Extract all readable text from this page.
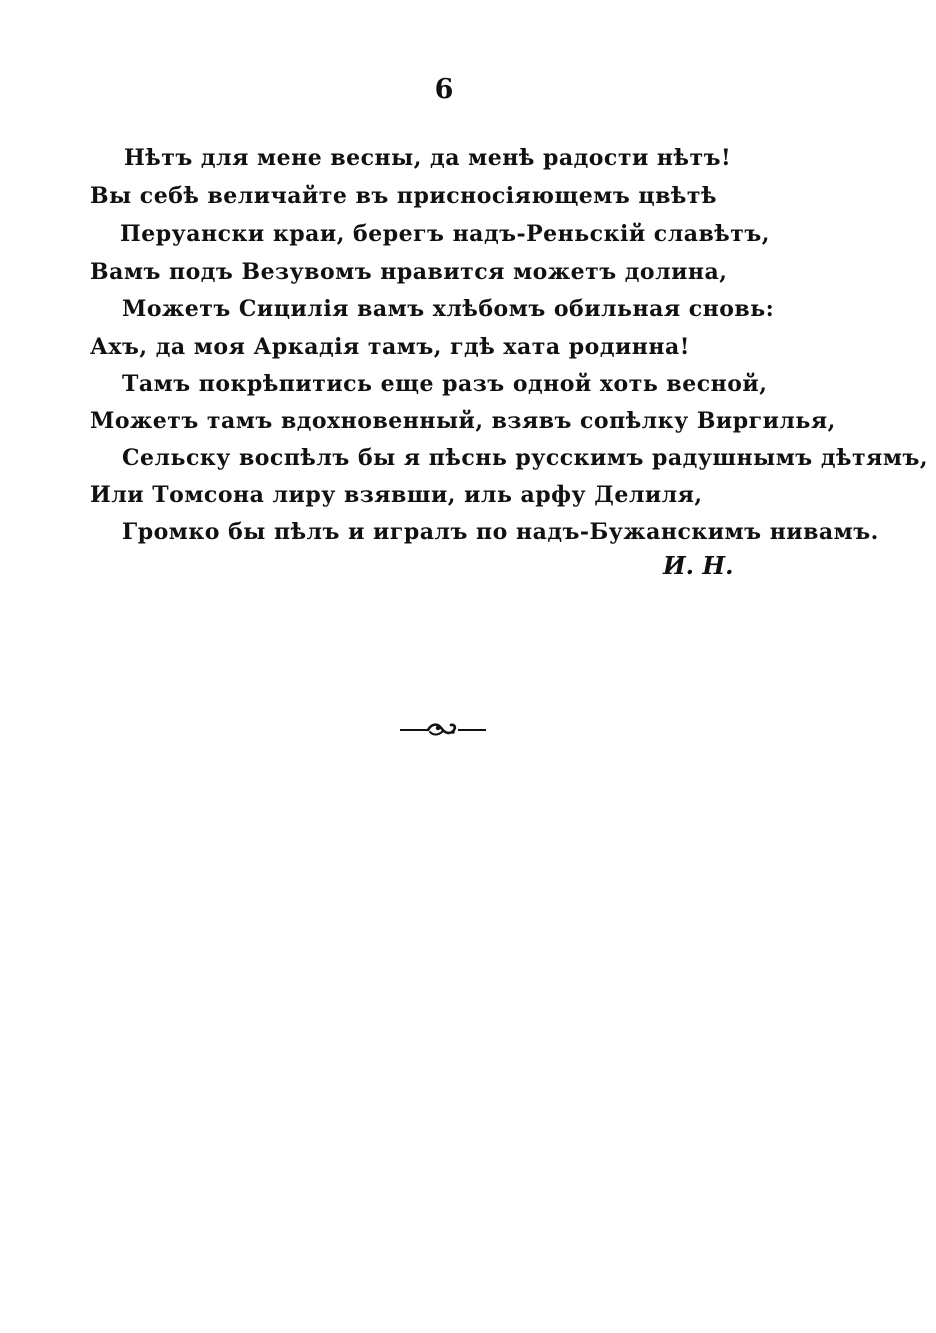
6
Нѣтъ для мене весны, да менѣ радости нѣтъ!
Вы себѣ величайте въ присносіяющемъ цвѣтѣ
Перуански краи, берегъ надъ-Реньскій славѣтъ,
Вамъ подъ Везувомъ нравится можетъ долина,
Можетъ Сицилія вамъ хлѣбомъ обильная сновь:
Ахъ, да моя Аркадія тамъ, гдѣ хата родинна!
Тамъ покрѣпитись еще разъ одной хоть весной,
Можетъ тамъ вдохновенный, взявъ сопѣлку Виргилья,
Сельску воспѣлъ бы я пѣснь русскимъ радушнымъ дѣтямъ,
Или Томсона лиру взявши, иль арфу Делиля,
Громко бы пѣлъ и игралъ по надъ-Бужанскимъ нивамъ.
И. Н.
